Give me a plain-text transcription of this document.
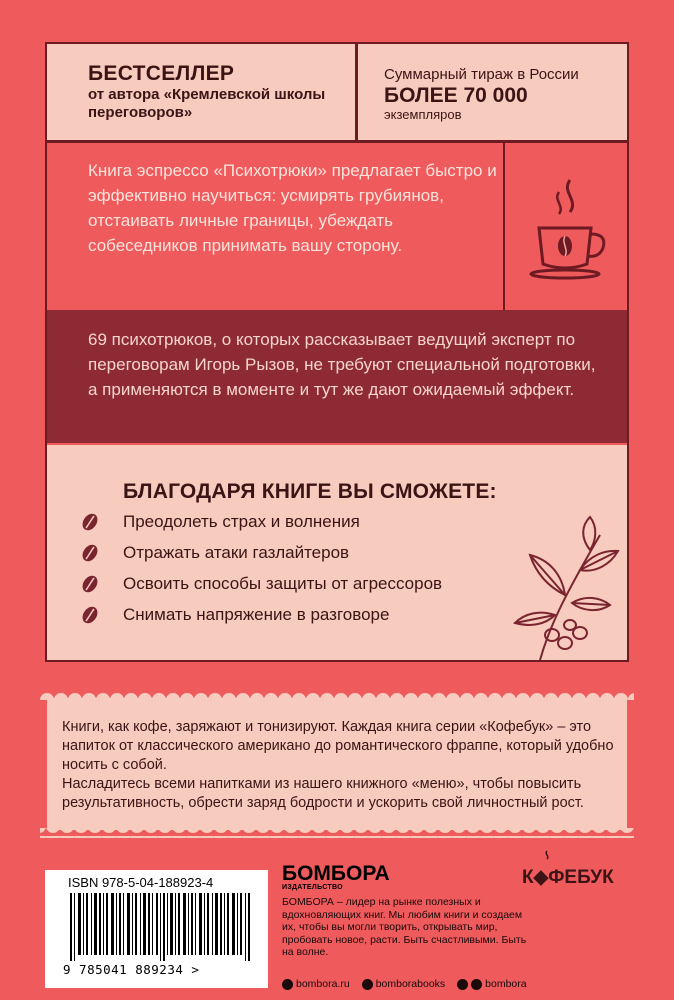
БЕСТСЕЛЛЕР
от автора «Кремлевской школы переговоров»
Суммарный тираж в России
БОЛЕЕ 70 000
экземпляров
Книга эспрессо «Психотрюки» предлагает быстро и эффективно научиться: усмирять грубиянов, отстаивать личные границы, убеждать собеседников принимать вашу сторону.
69 психотрюков, о которых рассказывает ведущий эксперт по переговорам Игорь Рызов, не требуют специальной подготовки, а применяются в моменте и тут же дают ожидаемый эффект.
БЛАГОДАРЯ КНИГЕ ВЫ СМОЖЕТЕ:
Преодолеть страх и волнения
Отражать атаки газлайтеров
Освоить способы защиты от агрессоров
Снимать напряжение в разговоре
Книги, как кофе, заряжают и тонизируют. Каждая книга серии «Кофебук» – это напиток от классического американо до романтического фраппе, который удобно носить с собой.
Насладитесь всеми напитками из нашего книжного «меню», чтобы повысить результативность, обрести заряд бодрости и ускорить свой личностный рост.
ISBN 978-5-04-188923-4
9 785041 889234 >
БОМБОРА
ИЗДАТЕЛЬСТВО
БОМБОРА – лидер на рынке полезных и вдохновляющих книг. Мы любим книги и создаем их, чтобы вы могли творить, открывать мир, пробовать новое, расти. Быть счастливыми. Быть на волне.
bombora.ru bomborabooks	bombora
К◆ФЕБУК
